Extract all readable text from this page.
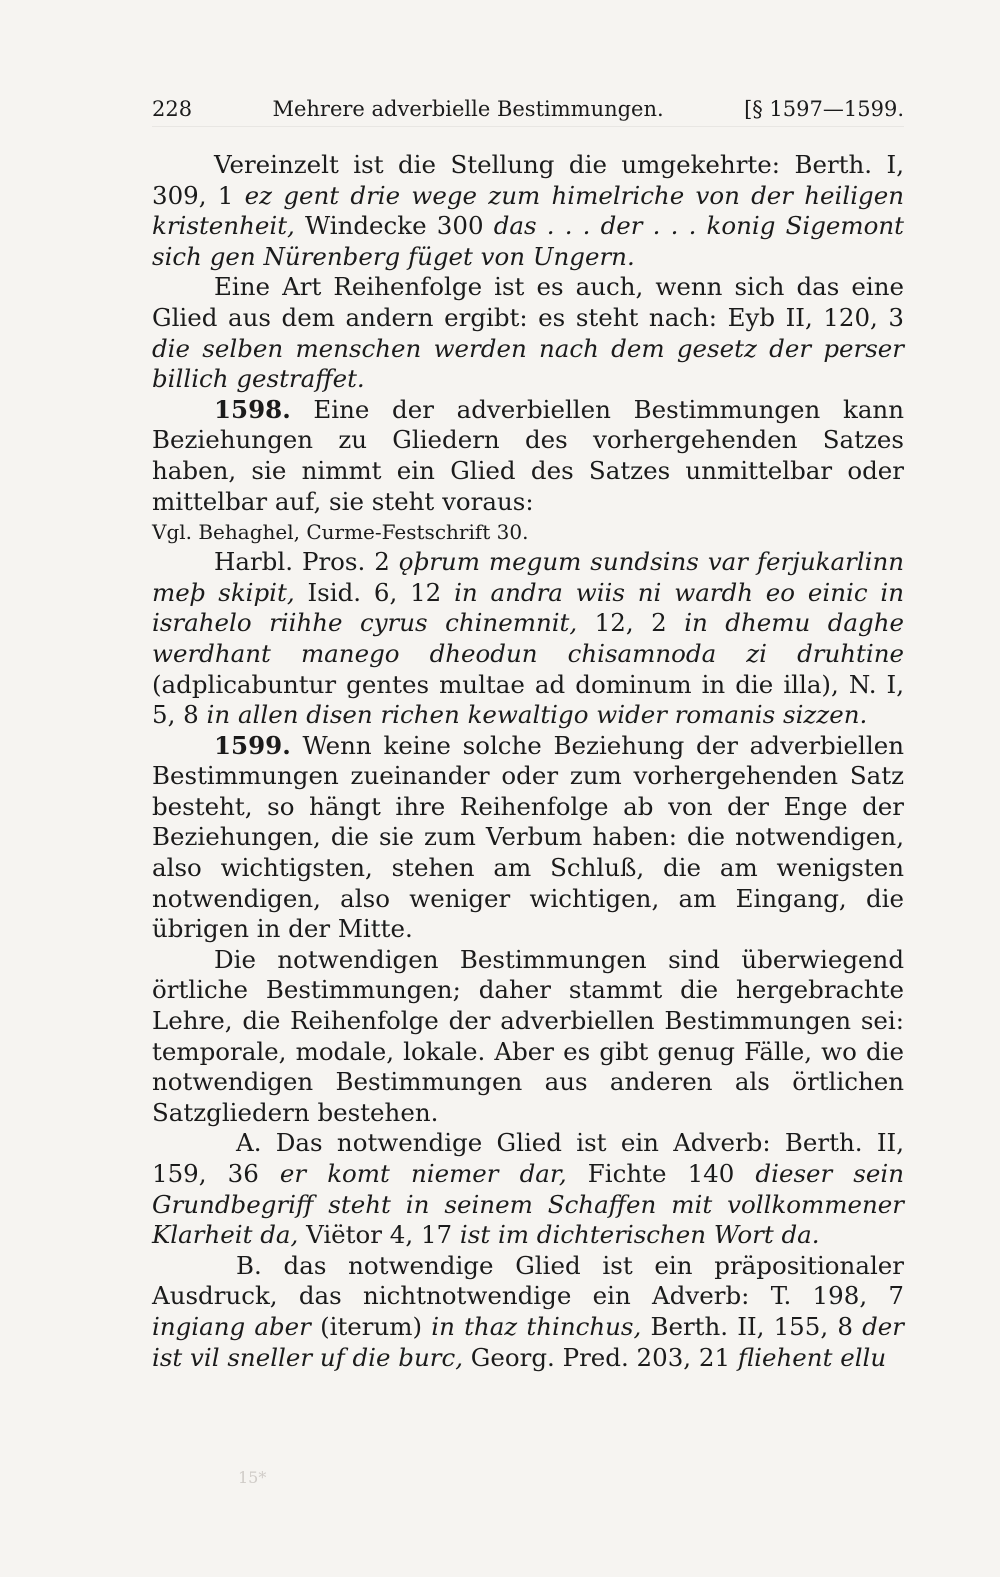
228	Mehrere adverbielle Bestimmungen.	[§ 1597—1599.

Vereinzelt ist die Stellung die umgekehrte: Berth. I, 309, 1 ez gent drie wege zum himelriche von der heiligen kristenheit, Windecke 300 das . . . der . . . konig Sigemont sich gen Nürenberg füget von Ungern.

Eine Art Reihenfolge ist es auch, wenn sich das eine Glied aus dem andern ergibt: es steht nach: Eyb II, 120, 3 die selben menschen werden nach dem gesetz der perser billich gestraffet.

1598. Eine der adverbiellen Bestimmungen kann Beziehungen zu Gliedern des vorhergehenden Satzes haben, sie nimmt ein Glied des Satzes unmittelbar oder mittelbar auf, sie steht voraus:

Vgl. Behaghel, Curme-Festschrift 30.

Harbl. Pros. 2 ǫþrum megum sundsins var ferjukarlinn meþ skipit, Isid. 6, 12 in andra wiis ni wardh eo einic in israhelo riihhe cyrus chinemnit, 12, 2 in dhemu daghe werdhant manego dheodun chisamnoda zi druhtine (adplicabuntur gentes multae ad dominum in die illa), N. I, 5, 8 in allen disen richen kewaltigo wider romanis sizzen.

1599. Wenn keine solche Beziehung der adverbiellen Bestimmungen zueinander oder zum vorhergehenden Satz besteht, so hängt ihre Reihenfolge ab von der Enge der Beziehungen, die sie zum Verbum haben: die notwendigen, also wichtigsten, stehen am Schluß, die am wenigsten notwendigen, also weniger wichtigen, am Eingang, die übrigen in der Mitte.

Die notwendigen Bestimmungen sind überwiegend örtliche Bestimmungen; daher stammt die hergebrachte Lehre, die Reihenfolge der adverbiellen Bestimmungen sei: temporale, modale, lokale. Aber es gibt genug Fälle, wo die notwendigen Bestimmungen aus anderen als örtlichen Satzgliedern bestehen.

A. Das notwendige Glied ist ein Adverb: Berth. II, 159, 36 er komt niemer dar, Fichte 140 dieser sein Grundbegriff steht in seinem Schaffen mit vollkommener Klarheit da, Viëtor 4, 17 ist im dichterischen Wort da.

B. das notwendige Glied ist ein präpositionaler Ausdruck, das nichtnotwendige ein Adverb: T. 198, 7 ingiang aber (iterum) in thaz thinchus, Berth. II, 155, 8 der ist vil sneller uf die burc, Georg. Pred. 203, 21 fliehent ellu

15*
